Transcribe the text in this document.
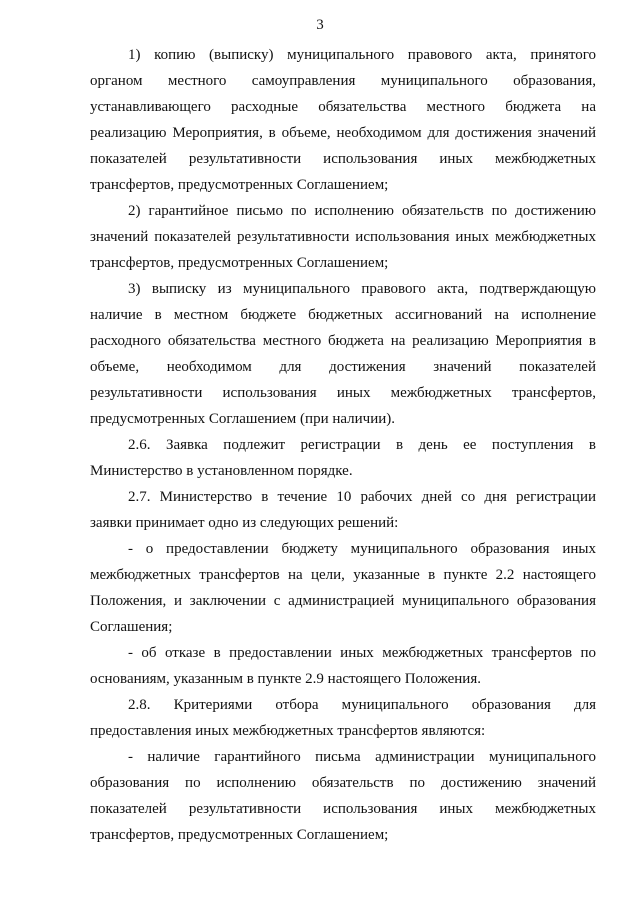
3

1) копию (выписку) муниципального правового акта, принятого
органом местного самоуправления муниципального образования,
устанавливающего расходные обязательства местного бюджета на
реализацию Мероприятия, в объеме, необходимом для достижения значений
показателей результативности использования иных межбюджетных
трансфертов, предусмотренных Соглашением;

2) гарантийное письмо по исполнению обязательств по достижению
значений показателей результативности использования иных межбюджетных
трансфертов, предусмотренных Соглашением;

3) выписку из муниципального правового акта, подтверждающую
наличие в местном бюджете бюджетных ассигнований на исполнение
расходного обязательства местного бюджета на реализацию Мероприятия в
объеме, необходимом для достижения значений показателей
результативности использования иных межбюджетных трансфертов,
предусмотренных Соглашением (при наличии).

2.6. Заявка подлежит регистрации в день ее поступления в
Министерство в установленном порядке.

2.7. Министерство в течение 10 рабочих дней со дня регистрации
заявки принимает одно из следующих решений:

- о предоставлении бюджету муниципального образования иных
межбюджетных трансфертов на цели, указанные в пункте 2.2 настоящего
Положения, и заключении с администрацией муниципального образования
Соглашения;

- об отказе в предоставлении иных межбюджетных трансфертов по
основаниям, указанным в пункте 2.9 настоящего Положения.

2.8. Критериями отбора муниципального образования для
предоставления иных межбюджетных трансфертов являются:

- наличие гарантийного письма администрации муниципального
образования по исполнению обязательств по достижению значений
показателей результативности использования иных межбюджетных
трансфертов, предусмотренных Соглашением;
